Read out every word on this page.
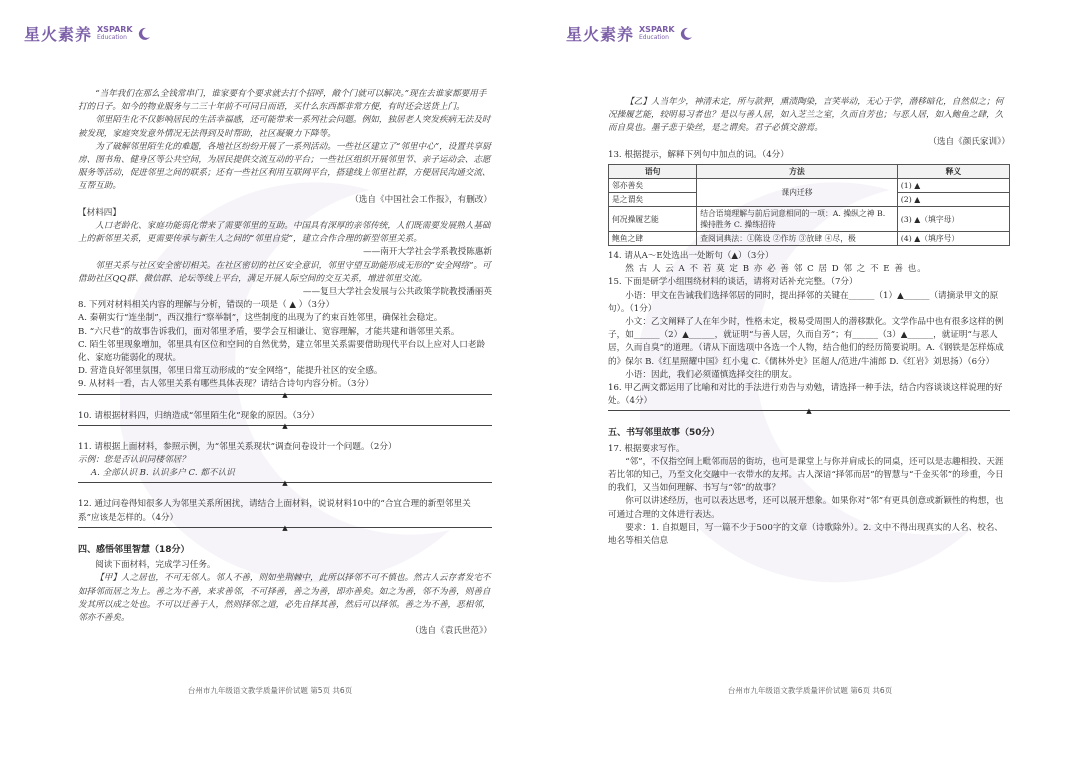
星火素养 XSPARK
Education

“当年我们在那么全钱常串门，谁家要有个要求就去打个招呼，敞个门就可以解决。”现在去谁家都要用手打的日子。如今的物业服务与二三十年前不可同日而语，买什么东西都非常方便，有时还会送货上门。

邻里陌生化不仅影响居民的生活幸福感，还可能带来一系列社会问题。例如，独居老人突发疾病无法及时被发现，家庭突发意外情况无法得到及时帮助，社区凝聚力下降等。

为了破解邻里陌生化的难题，各地社区纷纷开展了一系列活动。一些社区建立了“邻里中心”，设置共享厨房、图书角、健身区等公共空间，为居民提供交流互动的平台；一些社区组织开展邻里节、亲子运动会、志愿服务等活动，促进邻里之间的联系；还有一些社区利用互联网平台，搭建线上邻里社群，方便居民沟通交流、互帮互助。

（选自《中国社会工作报》，有删改）

【材料四】

人口老龄化、家庭功能弱化带来了需要邻里的互助。中国具有深厚的亲邻传统，人们既需要发展熟人基础上的新邻里关系，更需要传承与新生人之间的“邻里自觉”，建立合作合理的新型邻里关系。

——南开大学社会学系教授陈惠新

邻里关系与社区安全密切相关。在社区密切的社区安全意识，邻里守望互助能形成无形的“安全网络”。可借助社区QQ群、微信群、论坛等线上平台，满足开展人际空间的交互关系，增进邻里交流。

——复旦大学社会发展与公共政策学院教授潘丽英

8. 下列对材料相关内容的理解与分析，错误的一项是（ ▲ ）（3分）

A. 秦朝实行“连坐制”，西汉推行“察举制”，这些制度的出现为了约束百姓邻里，确保社会稳定。

B. “六尺巷”的故事告诉我们，面对邻里矛盾，要学会互相谦让、宽容理解，才能共建和谐邻里关系。

C. 陌生邻里现象增加，邻里具有区位和空间的自然优势，建立邻里关系需要借助现代平台以上应对人口老龄化、家庭功能弱化的现状。

D. 营造良好邻里氛围，邻里日常互动形成的“安全网络”，能提升社区的安全感。

9. 从材料一看，古人邻里关系有哪些具体表现？请结合诗句内容分析。（3分）

▲

10. 请根据材料四，归纳造成“邻里陌生化”现象的原因。（3分）

▲

11. 请根据上面材料，参照示例，为“邻里关系现状”调查问卷设计一个问题。（2分）

示例：您是否认识同楼邻居？

A. 全部认识 B. 认识多户 C. 都不认识

▲

12. 通过问卷得知很多人为邻里关系所困扰，请结合上面材料，说说材料10中的“合宜合理的新型邻里关系”应该是怎样的。（4分）

▲
四、感悟邻里智慧（18分）

阅读下面材料，完成学习任务。

【甲】人之居也，不可无邻人。邻人不善，则如坐荆棘中，此所以择邻不可不慎也。然古人云存者发宅不如择邻而居之为上。善之为不善，来求善邻，不可择善，善之为善，即亦善矣。如之为善，邻不为善，则善自发其所以成之处也。不可以迁善于人，然则择邻之道，必先自择其善，然后可以择邻。善之为不善，恶相邻，邻亦不善矣。

（选自《袁氏世范》）

台州市九年级语文教学质量评价试题 第5页 共6页
星火素养 XSPARK
Education

【乙】人当年少，神清未定，所与款狎，熏渍陶染，言笑举动，无心于学，潜移暗化，自然似之；何况操履艺能，较明易习者也？是以与善人居，如入芝兰之室，久而自芳也；与恶人居，如入鲍鱼之肆，久而自臭也。墨子悲于染丝，是之谓矣。君子必慎交游焉。

（选自《颜氏家训》）

13. 根据提示，解释下列句中加点的词。（4分）

语句	方法	释义
邻亦善矣	课内迁移	(1) ▲
是之谓矣		(2) ▲
何况操履艺能	结合语境理解与前后词意相同的一项：A. 操纵之神 B. 操持胜务 C. 操练招待	(3) ▲（填字母）
鲍鱼之肆	查阅词典法：①陈设 ②作坊 ③放肆 ④尽，极	(4) ▲（填序号）

14. 请从A～E处选出一处断句（▲）（3分）

然 古 人 云 A 不 若 莫 定 B 亦 必 善 邻 C 居 D 邻 之 不 E 善 也。

15. 下面是研学小组围绕材料的谈话，请将对话补充完整。（7分）

小语：甲文在告诫我们选择邻居的同时，提出择邻的关键在______（1）▲______（请摘录甲文的原句）。（1分）

小文：乙文阐释了人在年少时，性格未定，极易受周围人的潜移默化。文学作品中也有很多这样的例子，如______（2）▲______，就证明“与善人居，久而自芳”；有______（3）▲______，就证明“与恶人居，久而自臭”的道理。（请从下面选项中各选一个人物，结合他们的经历简要说明。A.《钢铁是怎样炼成的》保尔 B.《红星照耀中国》红小鬼 C.《儒林外史》匡超人/范进/牛浦郎 D.《红岩》刘思扬）（6分）

小语：因此，我们必须谨慎选择交往的朋友。

16. 甲乙两文都运用了比喻和对比的手法进行劝告与劝勉，请选择一种手法，结合内容谈谈这样说理的好处。（4分）

▲
五、书写邻里故事（50分）

17. 根据要求写作。

“邻”，不仅指空间上毗邻而居的街坊，也可是课堂上与你并肩成长的同桌，还可以是志趣相投、天涯若比邻的知己，乃至文化交融中一衣带水的友邦。古人深谙“择邻而居”的智慧与“千金买邻”的珍重，今日的我们，又当如何理解、书写与“邻”的故事？

你可以讲述经历，也可以表达思考，还可以展开想象。如果你对“邻”有更具创意或新颖性的构想，也可通过合理的文体进行表达。

要求：1. 自拟题目，写一篇不少于500字的文章（诗歌除外）。2. 文中不得出现真实的人名、校名、地名等相关信息

台州市九年级语文教学质量评价试题 第6页 共6页
